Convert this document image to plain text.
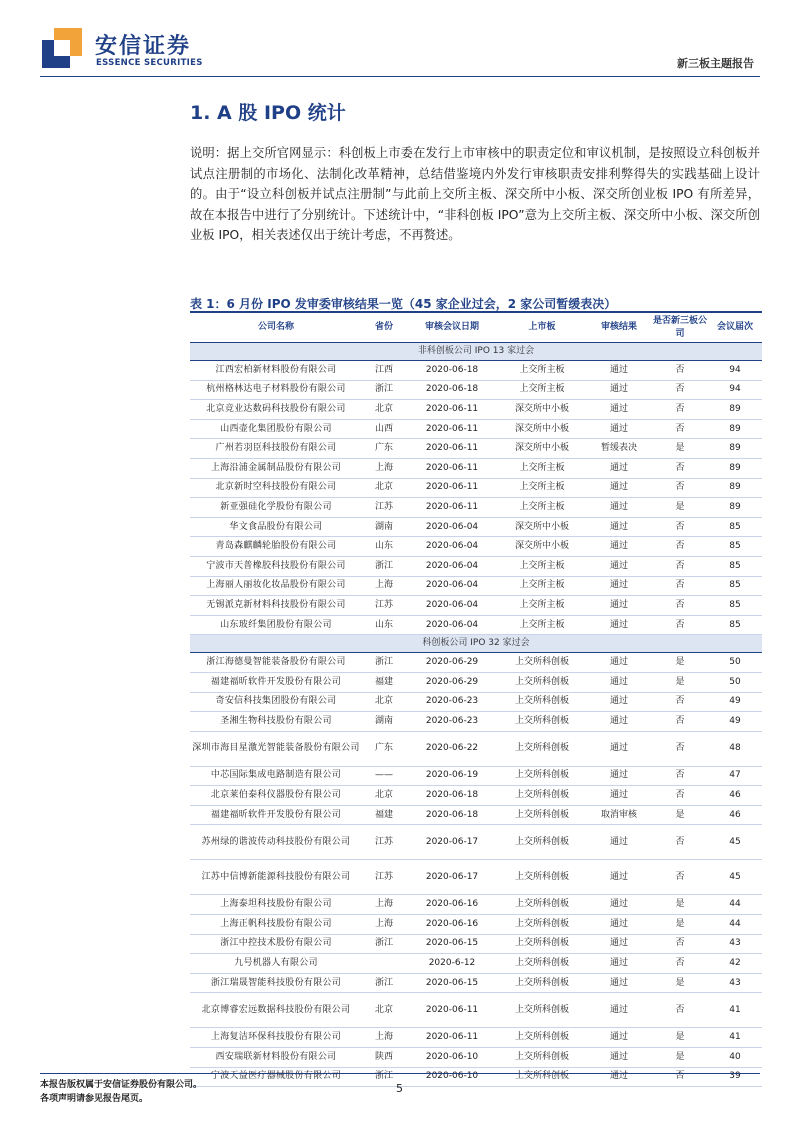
安信证券
ESSENCE SECURITIES	新三板主题报告
1. A 股 IPO 统计
说明：据上交所官网显示：科创板上市委在发行上市审核中的职责定位和审议机制，是按照设立科创板并试点注册制的市场化、法制化改革精神，总结借鉴境内外发行审核职责安排利弊得失的实践基础上设计的。由于“设立科创板并试点注册制”与此前上交所主板、深交所中小板、深交所创业板 IPO 有所差异，故在本报告中进行了分别统计。下述统计中，“非科创板 IPO”意为上交所主板、深交所中小板、深交所创业板 IPO，相关表述仅出于统计考虑，不再赘述。
表 1：6 月份 IPO 发审委审核结果一览（45 家企业过会，2 家公司暂缓表决）
公司名称	省份	审核会议日期	上市板	审核结果	是否新三板公司	会议届次
非科创板公司 IPO 13 家过会						
江西宏柏新材料股份有限公司	江西	2020-06-18	上交所主板	通过	否	94
杭州格林达电子材料股份有限公司	浙江	2020-06-18	上交所主板	通过	否	94
北京竞业达数码科技股份有限公司	北京	2020-06-11	深交所中小板	通过	否	89
山西壶化集团股份有限公司	山西	2020-06-11	深交所中小板	通过	否	89
广州若羽臣科技股份有限公司	广东	2020-06-11	深交所中小板	暂缓表决	是	89
上海沿浦金属制品股份有限公司	上海	2020-06-11	上交所主板	通过	否	89
北京新时空科技股份有限公司	北京	2020-06-11	上交所主板	通过	否	89
新亚强硅化学股份有限公司	江苏	2020-06-11	上交所主板	通过	是	89
华文食品股份有限公司	湖南	2020-06-04	深交所中小板	通过	否	85
青岛森麒麟轮胎股份有限公司	山东	2020-06-04	深交所中小板	通过	否	85
宁波市天普橡胶科技股份有限公司	浙江	2020-06-04	上交所主板	通过	否	85
上海丽人丽妆化妆品股份有限公司	上海	2020-06-04	上交所主板	通过	否	85
无锡派克新材料科技股份有限公司	江苏	2020-06-04	上交所主板	通过	否	85
山东玻纤集团股份有限公司	山东	2020-06-04	上交所主板	通过	否	85
科创板公司 IPO 32 家过会						
浙江海德曼智能装备股份有限公司	浙江	2020-06-29	上交所科创板	通过	是	50
福建福昕软件开发股份有限公司	福建	2020-06-29	上交所科创板	通过	是	50
奇安信科技集团股份有限公司	北京	2020-06-23	上交所科创板	通过	否	49
圣湘生物科技股份有限公司	湖南	2020-06-23	上交所科创板	通过	否	49
深圳市海目星激光智能装备股份有限公司	广东	2020-06-22	上交所科创板	通过	否	48
中芯国际集成电路制造有限公司	——	2020-06-19	上交所科创板	通过	否	47
北京莱伯泰科仪器股份有限公司	北京	2020-06-18	上交所科创板	通过	否	46
福建福昕软件开发股份有限公司	福建	2020-06-18	上交所科创板	取消审核	是	46
苏州绿的谐波传动科技股份有限公司	江苏	2020-06-17	上交所科创板	通过	否	45
江苏中信博新能源科技股份有限公司	江苏	2020-06-17	上交所科创板	通过	否	45
上海泰坦科技股份有限公司	上海	2020-06-16	上交所科创板	通过	是	44
上海正帆科技股份有限公司	上海	2020-06-16	上交所科创板	通过	是	44
浙江中控技术股份有限公司	浙江	2020-06-15	上交所科创板	通过	否	43
九号机器人有限公司		2020-6-12	上交所科创板	通过	否	42
浙江瑞晟智能科技股份有限公司	浙江	2020-06-15	上交所科创板	通过	是	43
北京博睿宏远数据科技股份有限公司	北京	2020-06-11	上交所科创板	通过	否	41
上海复洁环保科技股份有限公司	上海	2020-06-11	上交所科创板	通过	是	41
西安瑞联新材料股份有限公司	陕西	2020-06-10	上交所科创板	通过	是	40
宁波天益医疗器械股份有限公司	浙江	2020-06-10	上交所科创板	通过	否	39
本报告版权属于安信证券股份有限公司。
各项声明请参见报告尾页。
5
